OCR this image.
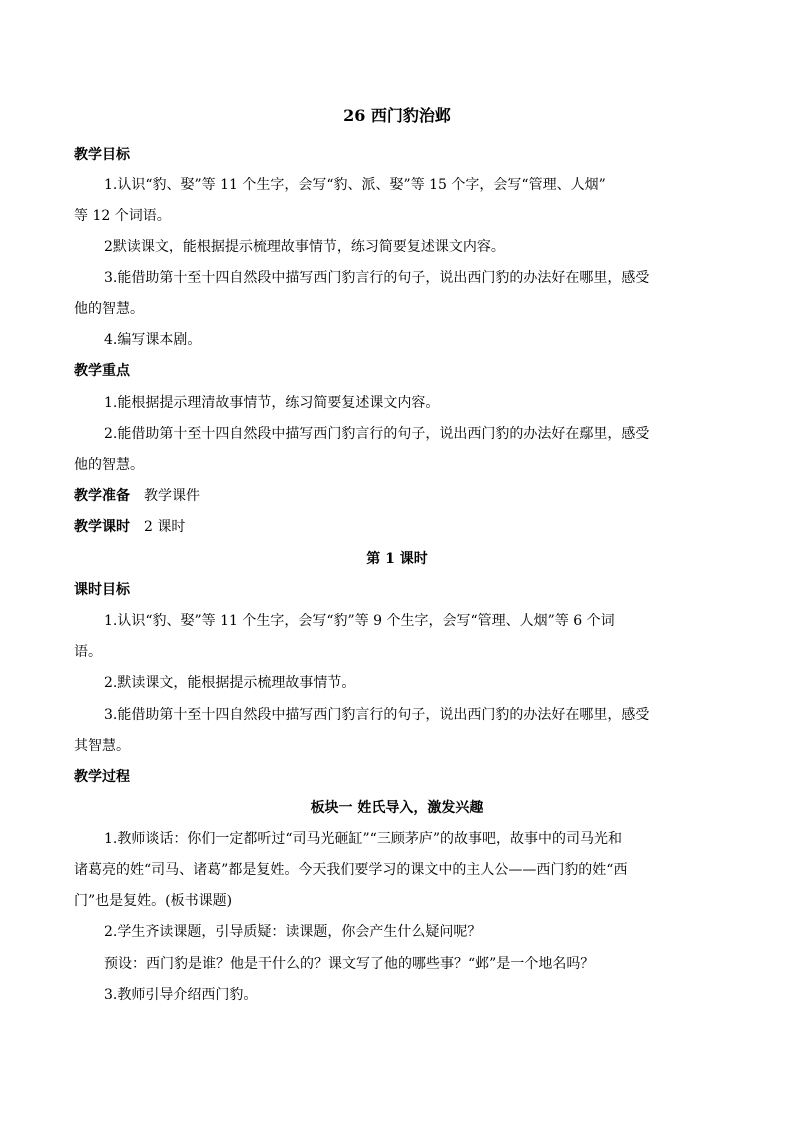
26 西门豹治邺
教学目标
1.认识“豹、娶”等 11 个生字，会写“豹、派、娶”等 15 个字，会写“管理、人烟”
等 12 个词语。
2默读课文，能根据提示梳理故事情节，练习简要复述课文内容。
3.能借助第十至十四自然段中描写西门豹言行的句子，说出西门豹的办法好在哪里，感受
他的智慧。
4.编写课本剧。
教学重点
1.能根据提示理清故事情节，练习简要复述课文内容。
2.能借助第十至十四自然段中描写西门豹言行的句子，说出西门豹的办法好在鄢里，感受
他的智慧。
教学准备 教学课件
教学课时 2 课时
第 1 课时
课时目标
1.认识“豹、娶”等 11 个生字，会写“豹”等 9 个生字，会写“管理、人烟”等 6 个词
语。
2.默读课文，能根据提示梳理故事情节。
3.能借助第十至十四自然段中描写西门豹言行的句子，说出西门豹的办法好在哪里，感受
其智慧。
教学过程
板块一 姓氏导入，激发兴趣
1.教师谈话：你们一定都听过“司马光砸缸”“三顾茅庐”的故事吧，故事中的司马光和
诸葛亮的姓“司马、诸葛”都是复姓。今天我们要学习的课文中的主人公——西门豹的姓“西
门”也是复姓。(板书课题)
2.学生齐读课题，引导质疑：读课题，你会产生什么疑问呢？
预设：西门豹是谁？他是干什么的？课文写了他的哪些事？“邺”是一个地名吗？
3.教师引导介绍西门豹。
